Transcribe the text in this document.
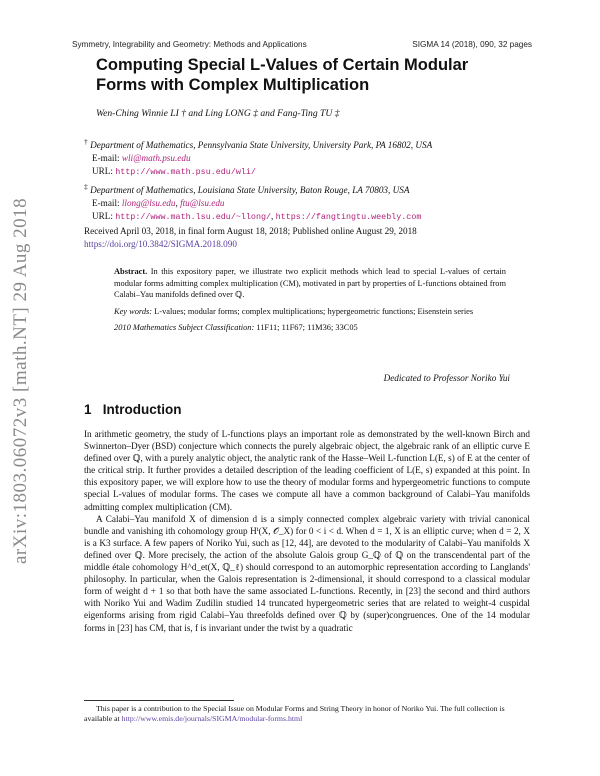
Symmetry, Integrability and Geometry: Methods and Applications	SIGMA 14 (2018), 090, 32 pages
Computing Special L-Values of Certain Modular Forms with Complex Multiplication
Wen-Ching Winnie LI † and Ling LONG ‡ and Fang-Ting TU ‡
† Department of Mathematics, Pennsylvania State University, University Park, PA 16802, USA
E-mail: wli@math.psu.edu
URL: http://www.math.psu.edu/wli/
‡ Department of Mathematics, Louisiana State University, Baton Rouge, LA 70803, USA
E-mail: llong@lsu.edu, ftu@lsu.edu
URL: http://www.math.lsu.edu/~llong/, https://fangtingtu.weebly.com
Received April 03, 2018, in final form August 18, 2018; Published online August 29, 2018
https://doi.org/10.3842/SIGMA.2018.090
Abstract. In this expository paper, we illustrate two explicit methods which lead to special L-values of certain modular forms admitting complex multiplication (CM), motivated in part by properties of L-functions obtained from Calabi–Yau manifolds defined over ℚ.
Key words: L-values; modular forms; complex multiplications; hypergeometric functions; Eisenstein series
2010 Mathematics Subject Classification: 11F11; 11F67; 11M36; 33C05
Dedicated to Professor Noriko Yui
1 Introduction

In arithmetic geometry, the study of L-functions plays an important role as demonstrated by the well-known Birch and Swinnerton–Dyer (BSD) conjecture which connects the purely algebraic object, the algebraic rank of an elliptic curve E defined over ℚ, with a purely analytic object, the analytic rank of the Hasse–Weil L-function L(E, s) of E at the center of the critical strip. It further provides a detailed description of the leading coefficient of L(E, s) expanded at this point. In this expository paper, we will explore how to use the theory of modular forms and hypergeometric functions to compute special L-values of modular forms. The cases we compute all have a common background of Calabi–Yau manifolds admitting complex multiplication (CM).

A Calabi–Yau manifold X of dimension d is a simply connected complex algebraic variety with trivial canonical bundle and vanishing ith cohomology group Hⁱ(X, 𝒪_X) for 0 < i < d. When d = 1, X is an elliptic curve; when d = 2, X is a K3 surface. A few papers of Noriko Yui, such as [12, 44], are devoted to the modularity of Calabi–Yau manifolds X defined over ℚ. More precisely, the action of the absolute Galois group G_ℚ of ℚ on the transcendental part of the middle étale cohomology H^d_et(X, ℚ_ℓ) should correspond to an automorphic representation according to Langlands' philosophy. In particular, when the Galois representation is 2-dimensional, it should correspond to a classical modular form of weight d + 1 so that both have the same associated L-functions. Recently, in [23] the second and third authors with Noriko Yui and Wadim Zudilin studied 14 truncated hypergeometric series that are related to weight-4 cuspidal eigenforms arising from rigid Calabi–Yau threefolds defined over ℚ by (super)congruences. One of the 14 modular forms in [23] has CM, that is, f is invariant under the twist by a quadratic

This paper is a contribution to the Special Issue on Modular Forms and String Theory in honor of Noriko Yui. The full collection is available at http://www.emis.de/journals/SIGMA/modular-forms.html
arXiv:1803.06072v3 [math.NT] 29 Aug 2018
